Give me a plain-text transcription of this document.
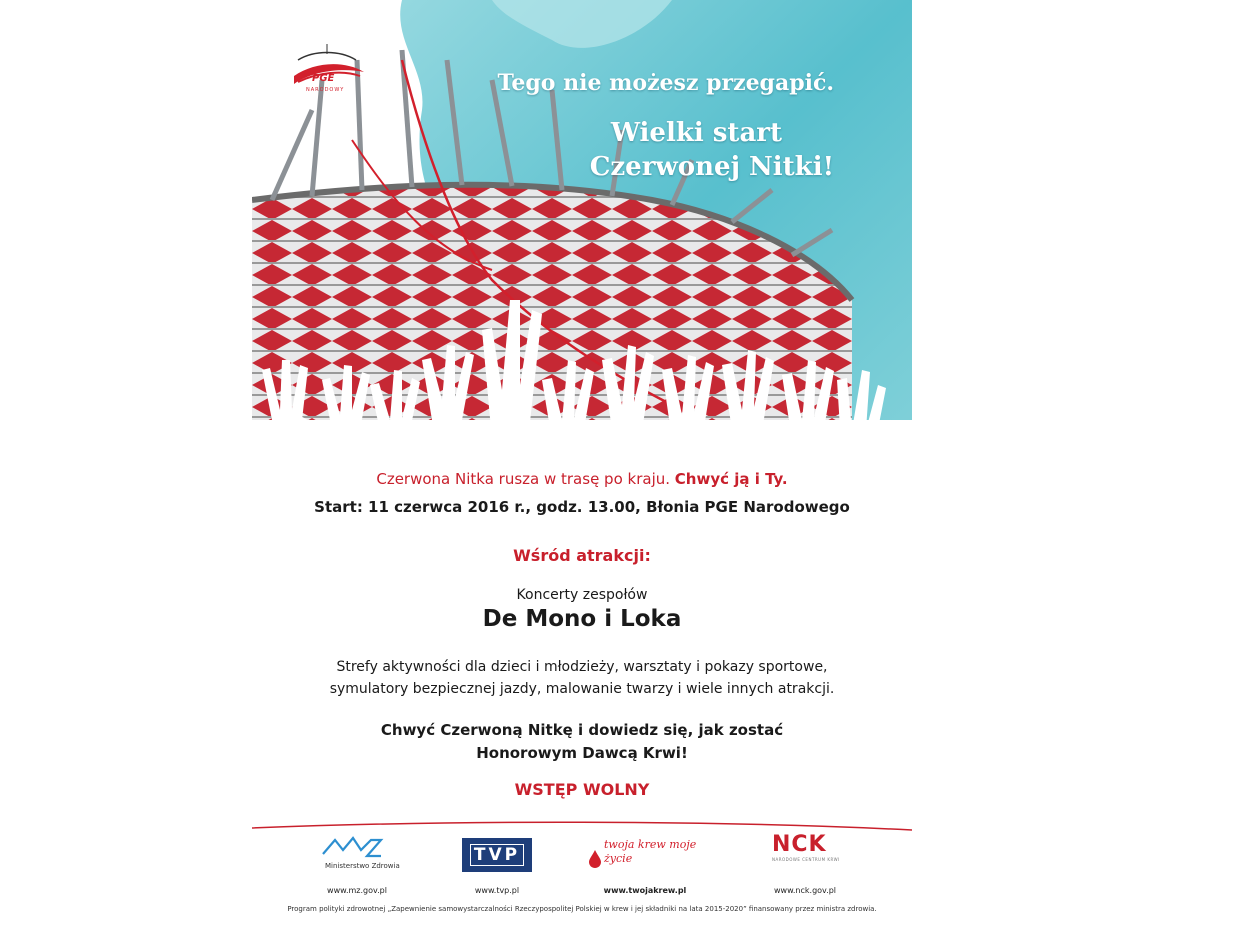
PGE
NARODOWY	Tego nie możesz przegapić.
Wielki start
Czerwonej Nitki!
Czerwona Nitka rusza w trasę po kraju. Chwyć ją i Ty.
Start: 11 czerwca 2016 r., godz. 13.00, Błonia PGE Narodowego
Wśród atrakcji:
Koncerty zespołów
De Mono i Loka
Strefy aktywności dla dzieci i młodzieży, warsztaty i pokazy sportowe,
symulatory bezpiecznej jazdy, malowanie twarzy i wiele innych atrakcji.
Chwyć Czerwoną Nitkę i dowiedz się, jak zostać
Honorowym Dawcą Krwi!
WSTĘP WOLNY
Ministerstwo Zdrowia
www.mz.gov.pl
TVP
www.tvp.pl
twoja krew moje życie
www.twojakrew.pl
NCK
NARODOWE CENTRUM KRWI
www.nck.gov.pl
Program polityki zdrowotnej „Zapewnienie samowystarczalności Rzeczypospolitej Polskiej w krew i jej składniki na lata 2015-2020” finansowany przez ministra zdrowia.
